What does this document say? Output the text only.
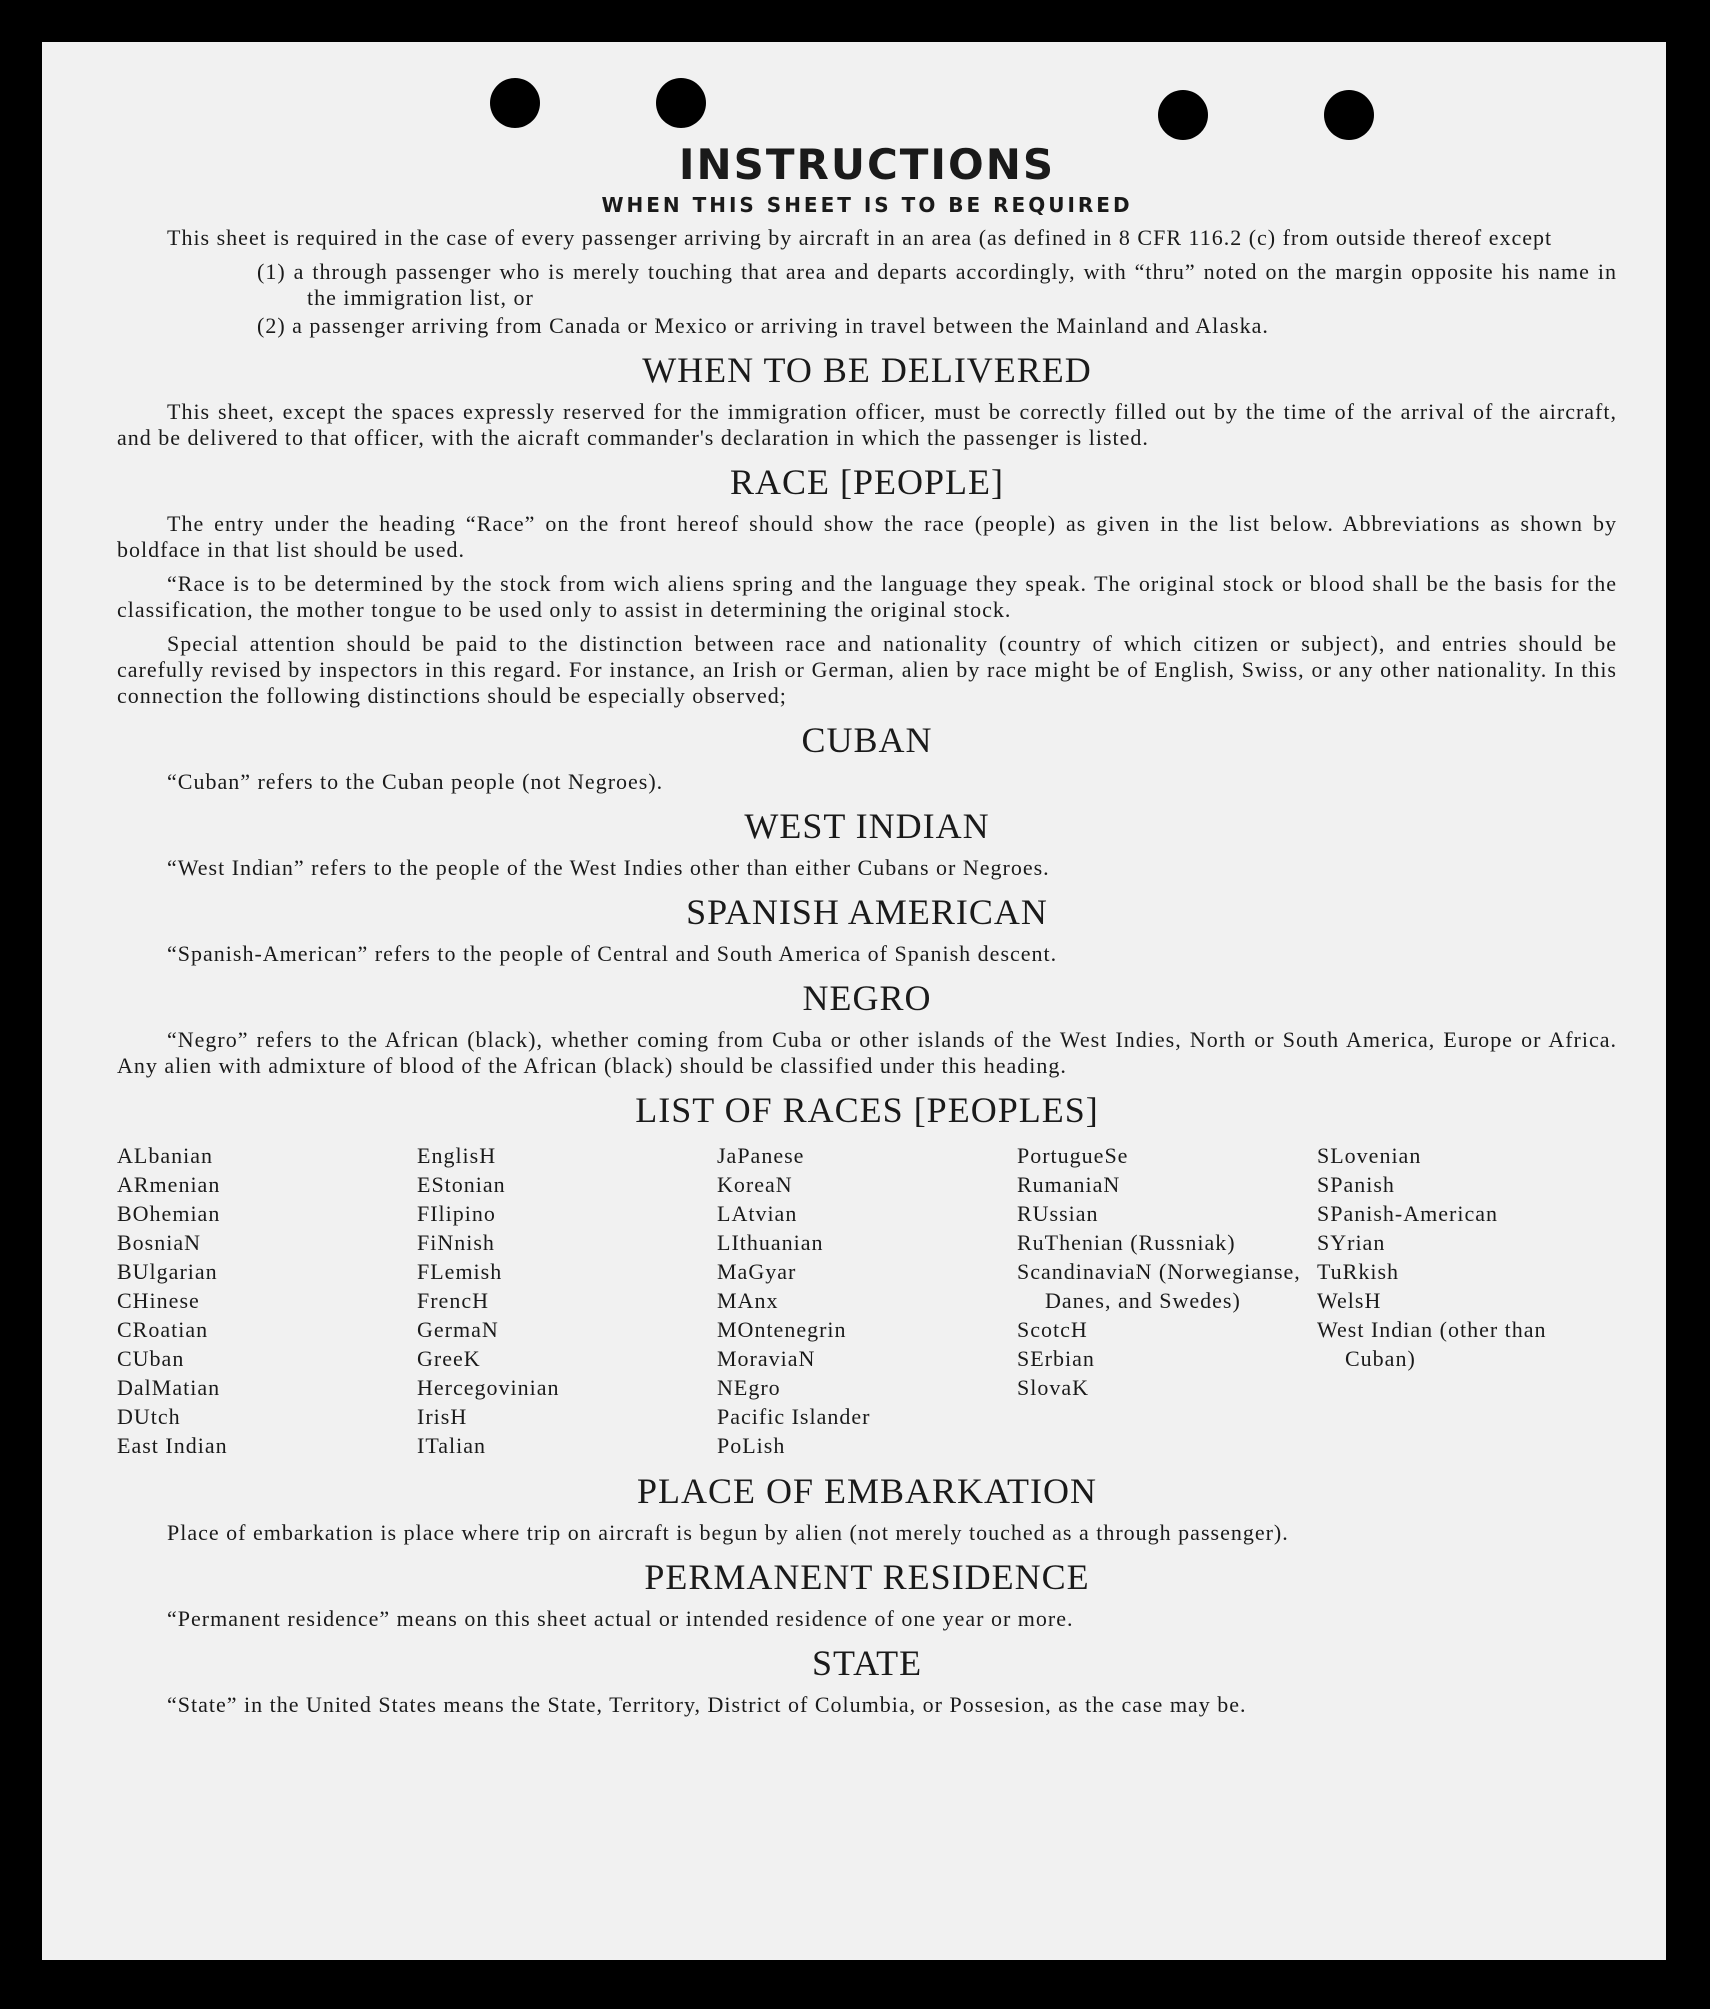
INSTRUCTIONS
WHEN THIS SHEET IS TO BE REQUIRED

This sheet is required in the case of every passenger arriving by aircraft in an area (as defined in 8 CFR 116.2 (c) from outside thereof except

(1) a through passenger who is merely touching that area and departs accordingly, with “thru” noted on the margin opposite his name in the immigration list, or
(2) a passenger arriving from Canada or Mexico or arriving in travel between the Mainland and Alaska.
WHEN TO BE DELIVERED

This sheet, except the spaces expressly reserved for the immigration officer, must be correctly filled out by the time of the arrival of the aircraft, and be delivered to that officer, with the aicraft commander's declaration in which the passenger is listed.

RACE [PEOPLE]

The entry under the heading “Race” on the front hereof should show the race (people) as given in the list below. Abbreviations as shown by boldface in that list should be used.

“Race is to be determined by the stock from wich aliens spring and the language they speak. The original stock or blood shall be the basis for the classification, the mother tongue to be used only to assist in determining the original stock.

Special attention should be paid to the distinction between race and nationality (country of which citizen or subject), and entries should be carefully revised by inspectors in this regard. For instance, an Irish or German, alien by race might be of English, Swiss, or any other nationality. In this connection the following distinctions should be especially observed;

CUBAN

“Cuban” refers to the Cuban people (not Negroes).

WEST INDIAN

“West Indian” refers to the people of the West Indies other than either Cubans or Negroes.

SPANISH AMERICAN

“Spanish-American” refers to the people of Central and South America of Spanish descent.

NEGRO

“Negro” refers to the African (black), whether coming from Cuba or other islands of the West Indies, North or South America, Europe or Africa. Any alien with admixture of blood of the African (black) should be classified under this heading.

LIST OF RACES [PEOPLES]
ALbanian
ARmenian
BOhemian
BosniaN
BUlgarian
CHinese
CRoatian
CUban
DalMatian
DUtch
East Indian
EnglisH
EStonian
FIlipino
FiNnish
FLemish
FrencH
GermaN
GreeK
Hercegovinian
IrisH
ITalian
JaPanese
KoreaN
LAtvian
LIthuanian
MaGyar
MAnx
MOntenegrin
MoraviaN
NEgro
Pacific Islander
PoLish
PortugueSe
RumaniaN
RUssian
RuThenian (Russniak)
ScandinaviaN (Norwegianse, Danes, and Swedes)
ScotcH
SErbian
SlovaK
SLovenian
SPanish
SPanish-American
SYrian
TuRkish
WelsH
West Indian (other than Cuban)
PLACE OF EMBARKATION

Place of embarkation is place where trip on aircraft is begun by alien (not merely touched as a through passenger).

PERMANENT RESIDENCE

“Permanent residence” means on this sheet actual or intended residence of one year or more.

STATE

“State” in the United States means the State, Territory, District of Columbia, or Possesion, as the case may be.
